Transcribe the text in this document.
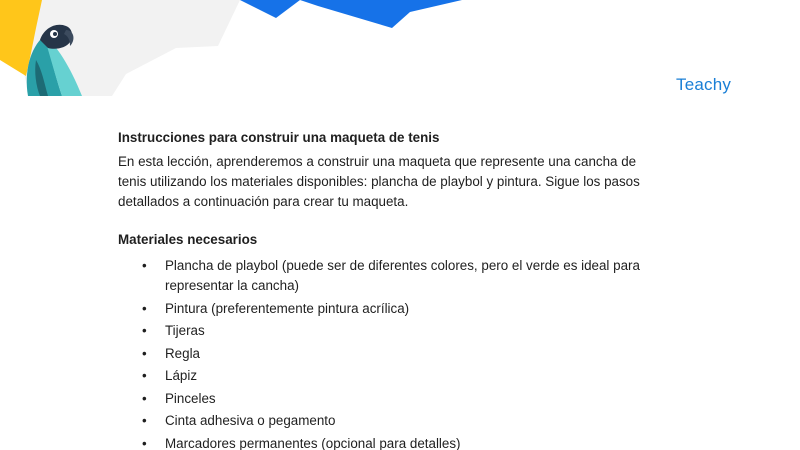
Teachy
Instrucciones para construir una maqueta de tenis

En esta lección, aprenderemos a construir una maqueta que represente una cancha de tenis utilizando los materiales disponibles: plancha de playbol y pintura. Sigue los pasos detallados a continuación para crear tu maqueta.

Materiales necesarios
• Plancha de playbol (puede ser de diferentes colores, pero el verde es ideal para representar la cancha)
• Pintura (preferentemente pintura acrílica)
• Tijeras
• Regla
• Lápiz
• Pinceles
• Cinta adhesiva o pegamento
• Marcadores permanentes (opcional para detalles)
